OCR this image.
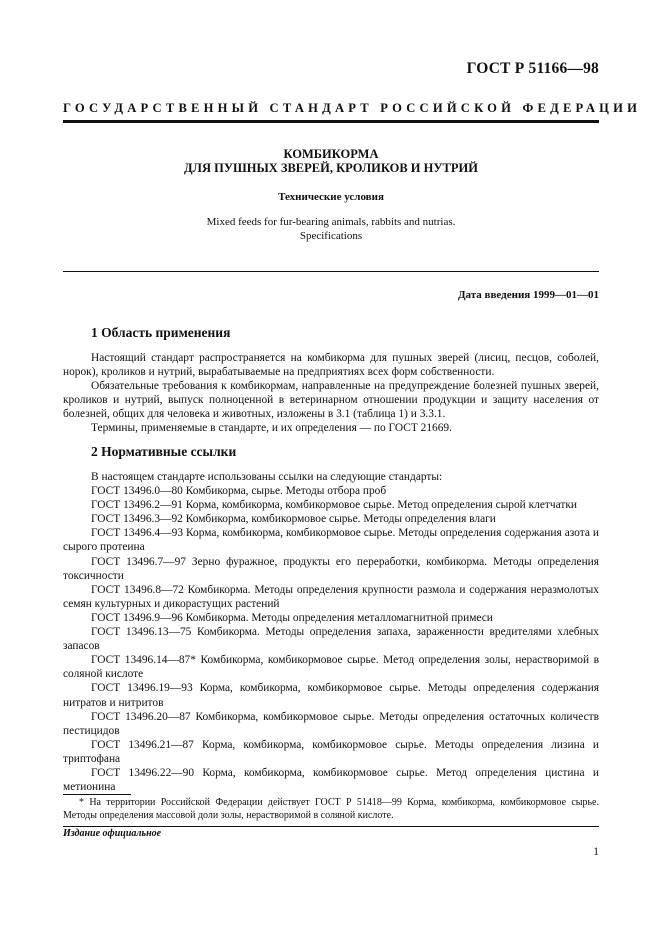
ГОСТ Р 51166—98
ГОСУДАРСТВЕННЫЙ СТАНДАРТ РОССИЙСКОЙ ФЕДЕРАЦИИ
КОМБИКОРМА
ДЛЯ ПУШНЫХ ЗВЕРЕЙ, КРОЛИКОВ И НУТРИЙ
Технические условия
Mixed feeds for fur-bearing animals, rabbits and nutrias.
Specifications
Дата введения 1999—01—01
1 Область применения

Настоящий стандарт распространяется на комбикорма для пушных зверей (лисиц, песцов, соболей, норок), кроликов и нутрий, вырабатываемые на предприятиях всех форм собственности.

Обязательные требования к комбикормам, направленные на предупреждение болезней пушных зверей, кроликов и нутрий, выпуск полноценной в ветеринарном отношении продукции и защиту населения от болезней, общих для человека и животных, изложены в 3.1 (таблица 1) и 3.3.1.

Термины, применяемые в стандарте, и их определения — по ГОСТ 21669.

2 Нормативные ссылки

В настоящем стандарте использованы ссылки на следующие стандарты:

ГОСТ 13496.0—80 Комбикорма, сырье. Методы отбора проб

ГОСТ 13496.2—91 Корма, комбикорма, комбикормовое сырье. Метод определения сырой клетчатки

ГОСТ 13496.3—92 Комбикорма, комбикормовое сырье. Методы определения влаги

ГОСТ 13496.4—93 Корма, комбикорма, комбикормовое сырье. Методы определения содержания азота и сырого протеина

ГОСТ 13496.7—97 Зерно фуражное, продукты его переработки, комбикорма. Методы определения токсичности

ГОСТ 13496.8—72 Комбикорма. Методы определения крупности размола и содержания неразмолотых семян культурных и дикорастущих растений

ГОСТ 13496.9—96 Комбикорма. Методы определения металломагнитной примеси

ГОСТ 13496.13—75 Комбикорма. Методы определения запаха, зараженности вредителями хлебных запасов

ГОСТ 13496.14—87* Комбикорма, комбикормовое сырье. Метод определения золы, нерастворимой в соляной кислоте

ГОСТ 13496.19—93 Корма, комбикорма, комбикормовое сырье. Методы определения содержания нитратов и нитритов

ГОСТ 13496.20—87 Комбикорма, комбикормовое сырье. Методы определения остаточных количеств пестицидов

ГОСТ 13496.21—87 Корма, комбикорма, комбикормовое сырье. Методы определения лизина и триптофана

ГОСТ 13496.22—90 Корма, комбикорма, комбикормовое сырье. Метод определения цистина и метионина

* На территории Российской Федерации действует ГОСТ Р 51418—99 Корма, комбикорма, комбикормовое сырье. Методы определения массовой доли золы, нерастворимой в соляной кислоте.

Издание официальное
1
